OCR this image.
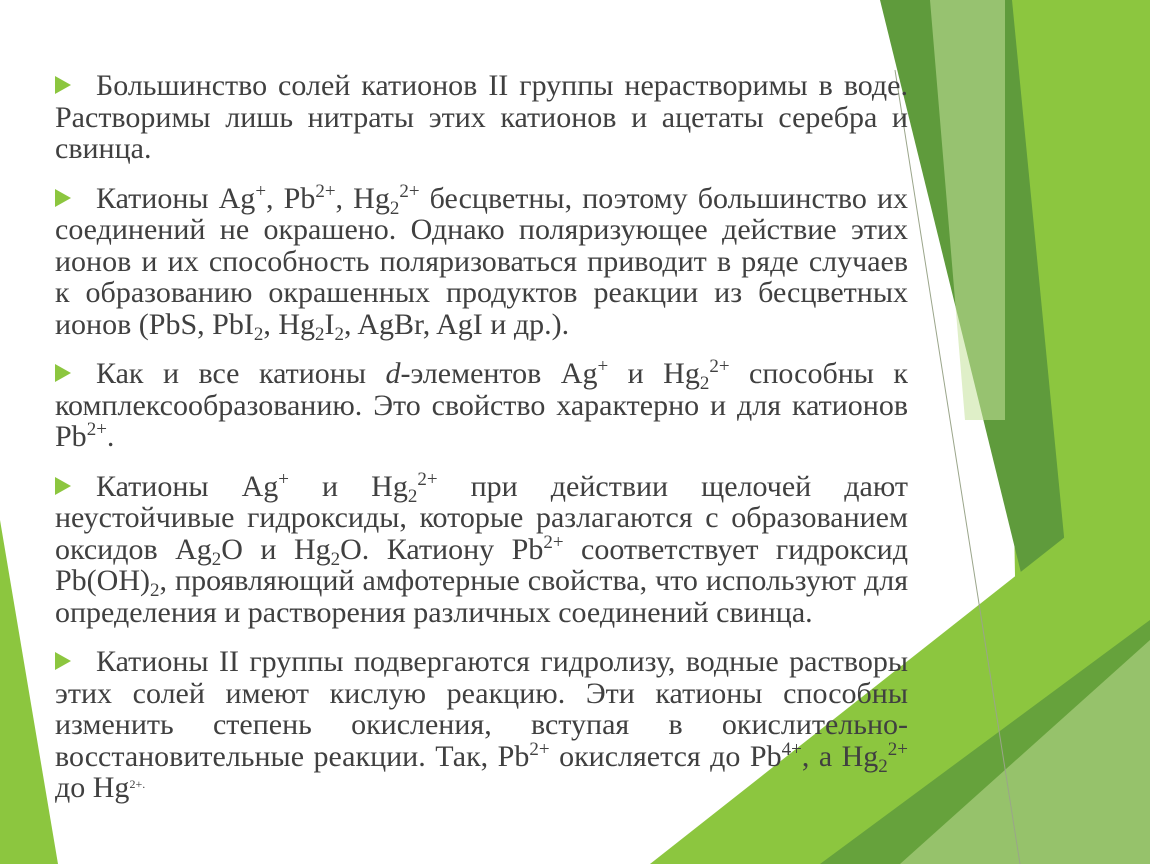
Большинство солей катионов II группы нерастворимы в воде. Растворимы лишь нитраты этих катионов и ацетаты серебра и свинца.
Катионы Ag+, $Pb^{2+}$, $Hg_2^{2+}$ бесцветны, поэтому большинство их соединений не окрашено. Однако поляризующее действие этих ионов и их способность поляризоваться приводит в ряде случаев к образованию окрашенных продуктов реакции из бесцветных ионов (PbS, PbI$_2$, $Hg_2I_2$, AgBr, AgI и др.).
Как и все катионы d-элементов Ag+ и $Hg_2^{2+}$ способны к комплексообразованию. Это свойство характерно и для катионов $Pb^{2+}$.
Катионы Ag+ и $Hg_2^{2+}$ при действии щелочей дают неустойчивые гидроксиды, которые разлагаются с образованием оксидов $Ag_2O$ и $Hg_2O$. Катиону $Pb^{2+}$ соответствует гидроксид $Pb(OH)_2$, проявляющий амфотерные свойства, что используют для определения и растворения различных соединений свинца.
Катионы II группы подвергаются гидролизу, водные растворы этих солей имеют кислую реакцию. Эти катионы способны изменить степень окисления, вступая в окислительно-восстановительные реакции. Так, $Pb^{2+}$ окисляется до $Pb^{4+}$, а $Hg_2^{2+}$ до $Hg^{2+.}$
